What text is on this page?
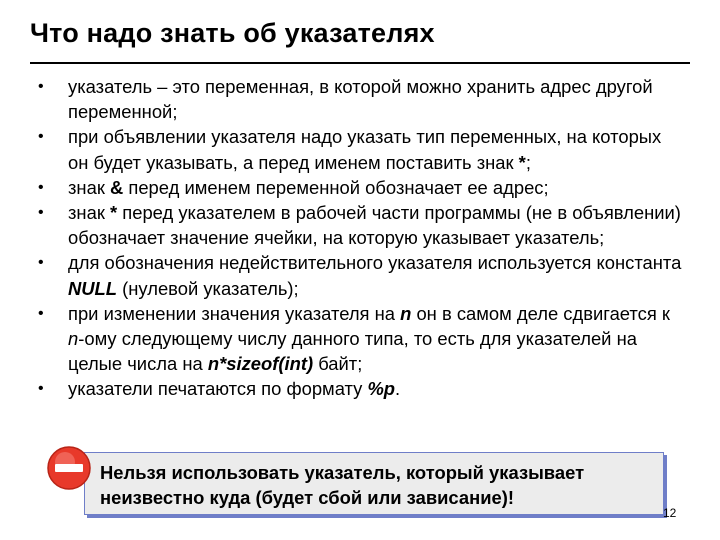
Что надо знать об указателях
•	указатель – это переменная, в которой можно хранить адрес другой переменной;
•	при объявлении указателя надо указать тип переменных, на которых он будет указывать, а перед именем поставить знак *;
•	знак & перед именем переменной обозначает ее адрес;
•	знак * перед указателем в рабочей части программы (не в объявлении) обозначает значение ячейки, на которую указывает указатель;
•	для обозначения недействительного указателя используется константа NULL (нулевой указатель);
•	при изменении значения указателя на n он в самом деле сдвигается к n-ому следующему числу данного типа, то есть для указателей на целые числа на n*sizeof(int) байт;
•	указатели печатаются по формату %p.
Нельзя использовать указатель, который указывает неизвестно куда (будет сбой или зависание)!
12
